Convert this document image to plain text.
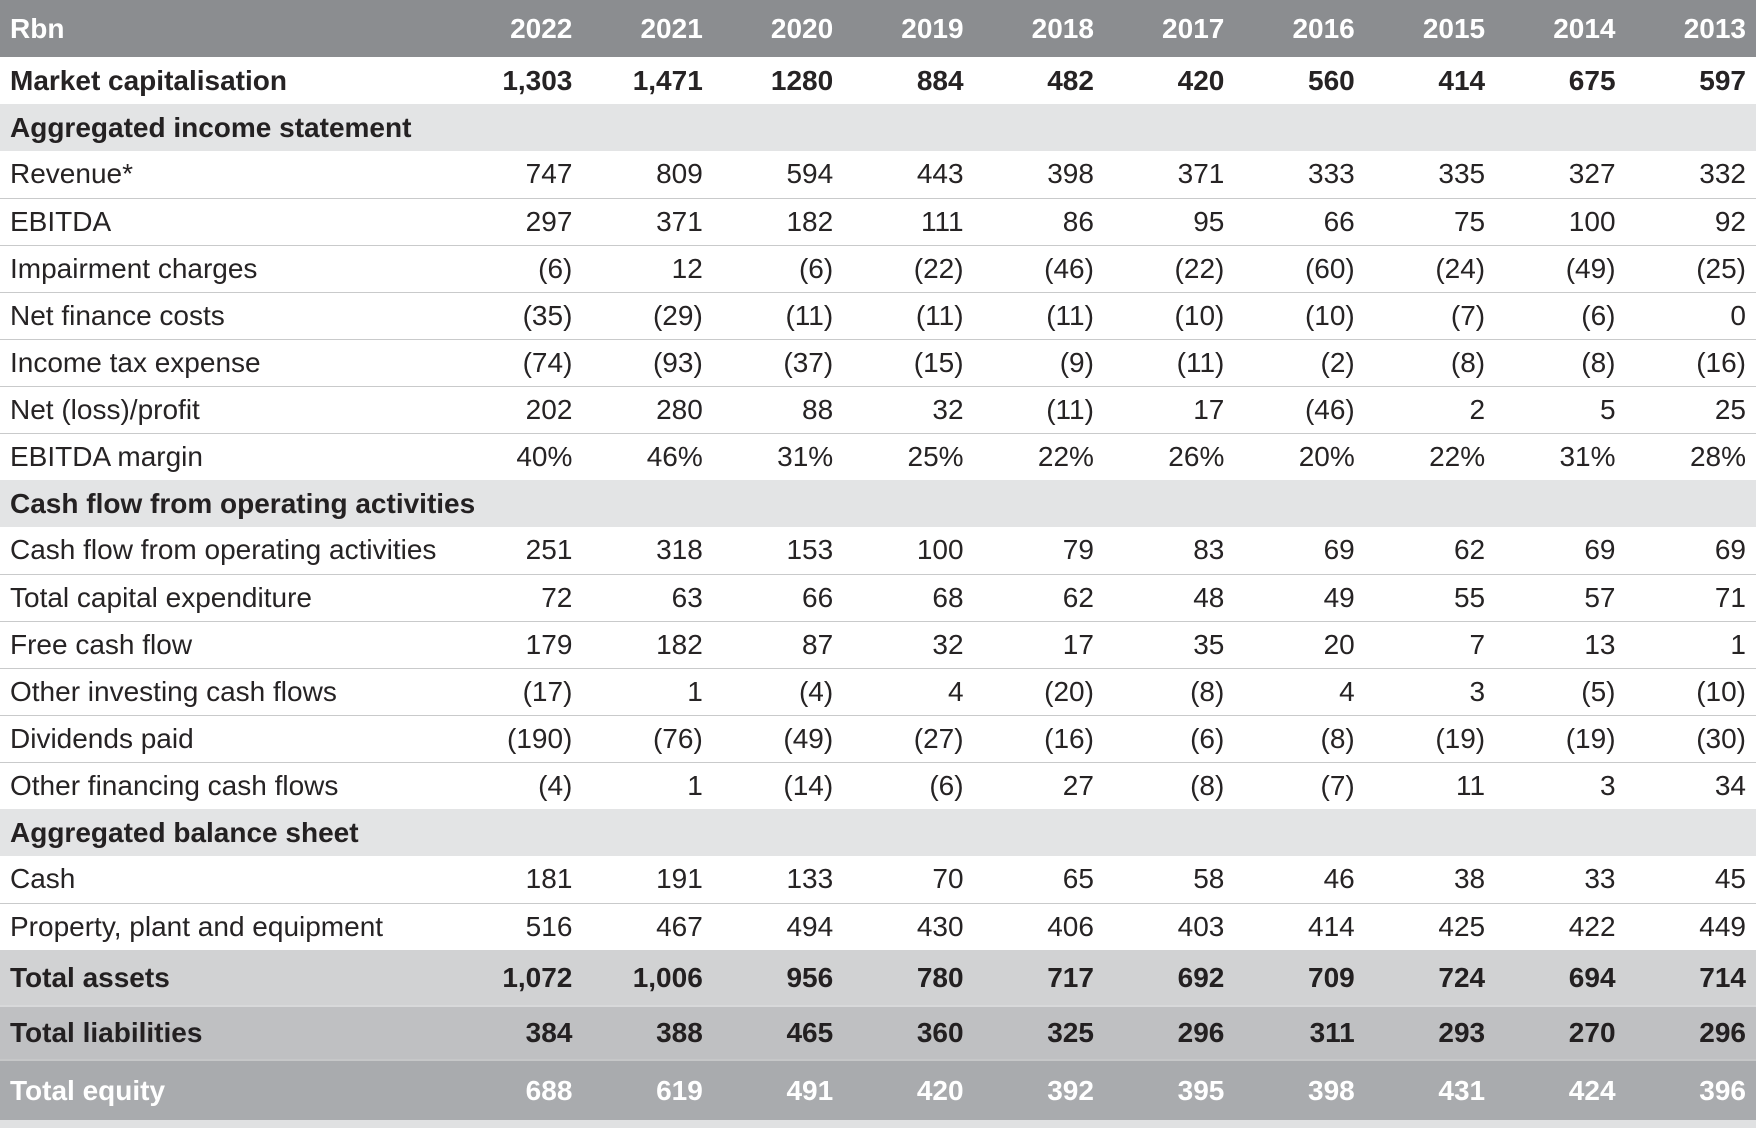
Rbn	2022	2021	2020	2019	2018	2017	2016	2015	2014	2013
Market capitalisation	1,303	1,471	1280	884	482	420	560	414	675	597
Aggregated income statement										
Revenue*	747	809	594	443	398	371	333	335	327	332
EBITDA	297	371	182	111	86	95	66	75	100	92
Impairment charges	(6)	12	(6)	(22)	(46)	(22)	(60)	(24)	(49)	(25)
Net finance costs	(35)	(29)	(11)	(11)	(11)	(10)	(10)	(7)	(6)	0
Income tax expense	(74)	(93)	(37)	(15)	(9)	(11)	(2)	(8)	(8)	(16)
Net (loss)/profit	202	280	88	32	(11)	17	(46)	2	5	25
EBITDA margin	40%	46%	31%	25%	22%	26%	20%	22%	31%	28%
Cash flow from operating activities										
Cash flow from operating activities	251	318	153	100	79	83	69	62	69	69
Total capital expenditure	72	63	66	68	62	48	49	55	57	71
Free cash flow	179	182	87	32	17	35	20	7	13	1
Other investing cash flows	(17)	1	(4)	4	(20)	(8)	4	3	(5)	(10)
Dividends paid	(190)	(76)	(49)	(27)	(16)	(6)	(8)	(19)	(19)	(30)
Other financing cash flows	(4)	1	(14)	(6)	27	(8)	(7)	11	3	34
Aggregated balance sheet										
Cash	181	191	133	70	65	58	46	38	33	45
Property, plant and equipment	516	467	494	430	406	403	414	425	422	449
Total assets	1,072	1,006	956	780	717	692	709	724	694	714
Total liabilities	384	388	465	360	325	296	311	293	270	296
Total equity	688	619	491	420	392	395	398	431	424	396
